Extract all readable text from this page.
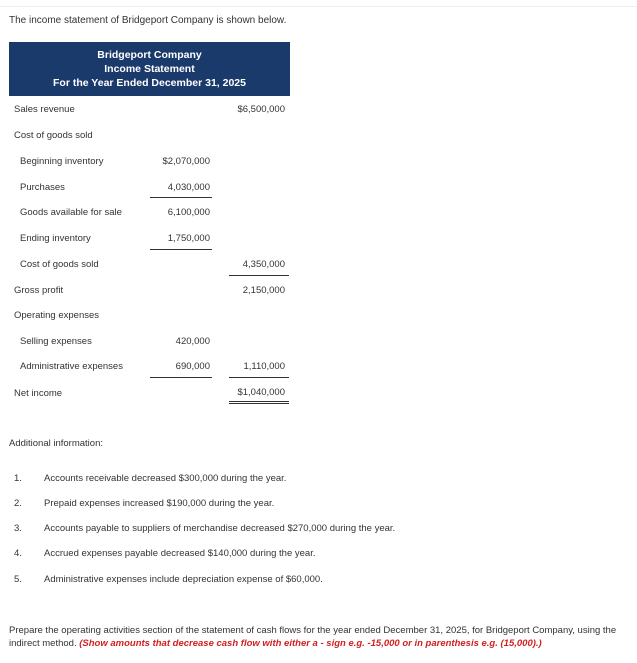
The income statement of Bridgeport Company is shown below.
Bridgeport Company
Income Statement
For the Year Ended December 31, 2025
Sales revenue	$6,500,000
Cost of goods sold
Beginning inventory	$2,070,000
Purchases	4,030,000
Goods available for sale	6,100,000
Ending inventory	1,750,000
Cost of goods sold	4,350,000
Gross profit	2,150,000
Operating expenses
Selling expenses	420,000
Administrative expenses	690,000	1,110,000
Net income	$1,040,000
Additional information:
1. Accounts receivable decreased $300,000 during the year.
2. Prepaid expenses increased $190,000 during the year.
3. Accounts payable to suppliers of merchandise decreased $270,000 during the year.
4. Accrued expenses payable decreased $140,000 during the year.
5. Administrative expenses include depreciation expense of $60,000.
Prepare the operating activities section of the statement of cash flows for the year ended December 31, 2025, for Bridgeport Company, using the indirect method. (Show amounts that decrease cash flow with either a - sign e.g. -15,000 or in parenthesis e.g. (15,000).)
